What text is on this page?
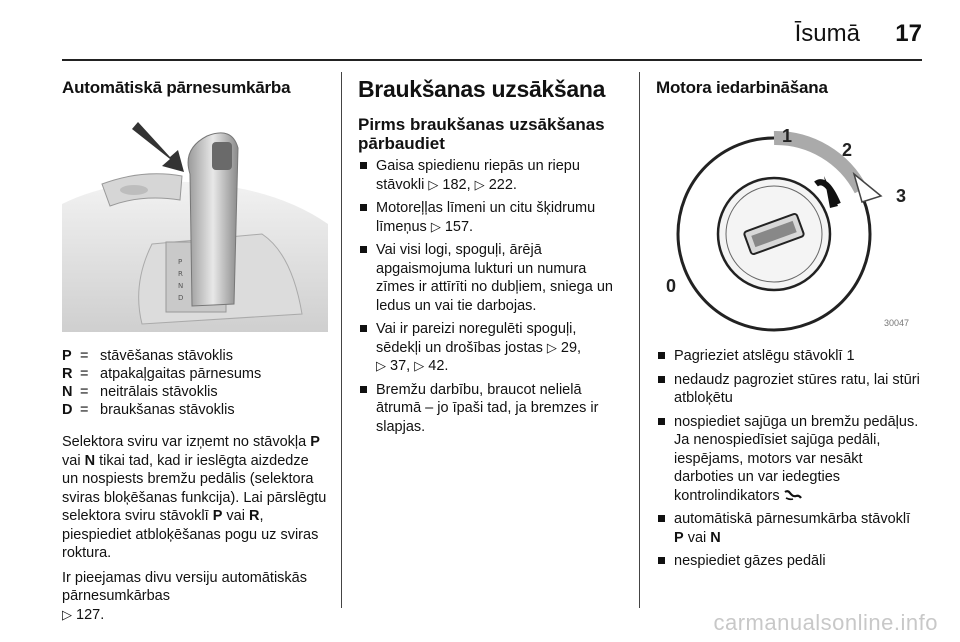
Īsumā 17
Automātiskā pārnesumkārba
P
R
N
D
P = stāvēšanas stāvoklis
R = atpakaļgaitas pārnesums
N = neitrālais stāvoklis
D = braukšanas stāvoklis

Selektora sviru var izņemt no stāvokļa P vai N tikai tad, kad ir ieslēgta aizdedze un nospiests bremžu pedālis (selektora sviras bloķēšanas funkcija). Lai pārslēgtu selektora sviru stāvoklī P vai R, piespiediet atbloķēšanas pogu uz sviras roktura.

Ir pieejamas divu versiju automātiskās pārnesumkārbas
▷ 127.

Braukšanas uzsākšana
Pirms braukšanas uzsākšanas pārbaudiet
Gaisa spiedienu riepās un riepu stāvokli ▷ 182, ▷ 222.
Motoreļļas līmeni un citu šķidrumu līmeņus ▷ 157.
Vai visi logi, spoguļi, ārējā apgaismojuma lukturi un numura zīmes ir attīrīti no dubļiem, sniega un ledus un vai tie darbojas.
Vai ir pareizi noregulēti spoguļi, sēdekļi un drošības jostas ▷ 29,
▷ 37, ▷ 42.
Bremžu darbību, braucot nelielā ātrumā – jo īpaši tad, ja bremzes ir slapjas.
Motora iedarbināšana
0
1
2
3
30047
Pagrieziet atslēgu stāvoklī 1
nedaudz pagroziet stūres ratu, lai stūri atbloķētu
nospiediet sajūga un bremžu pedāļus. Ja nenospiedīsiet sajūga pedāli, iespējams, motors var nesākt darboties un var iedegties kontrolindikators
automātiskā pārnesumkārba stāvoklī P vai N
nespiediet gāzes pedāli
carmanualsonline.info
